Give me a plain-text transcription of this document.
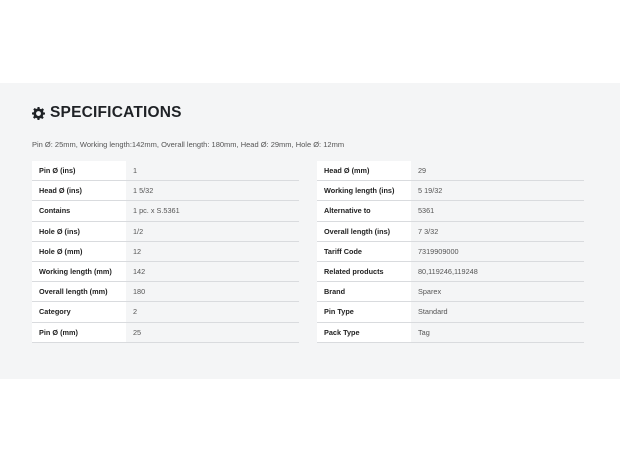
SPECIFICATIONS
Pin Ø: 25mm, Working length:142mm, Overall length: 180mm, Head Ø: 29mm, Hole Ø: 12mm
Pin Ø (ins)	1
Head Ø (ins)	1 5/32
Contains	1 pc. x S.5361
Hole Ø (ins)	1/2
Hole Ø (mm)	12
Working length (mm)	142
Overall length (mm)	180
Category	2
Pin Ø (mm)	25
Head Ø (mm)	29
Working length (ins)	5 19/32
Alternative to	5361
Overall length (ins)	7 3/32
Tariff Code	7319909000
Related products	80,119246,119248
Brand	Sparex
Pin Type	Standard
Pack Type	Tag
